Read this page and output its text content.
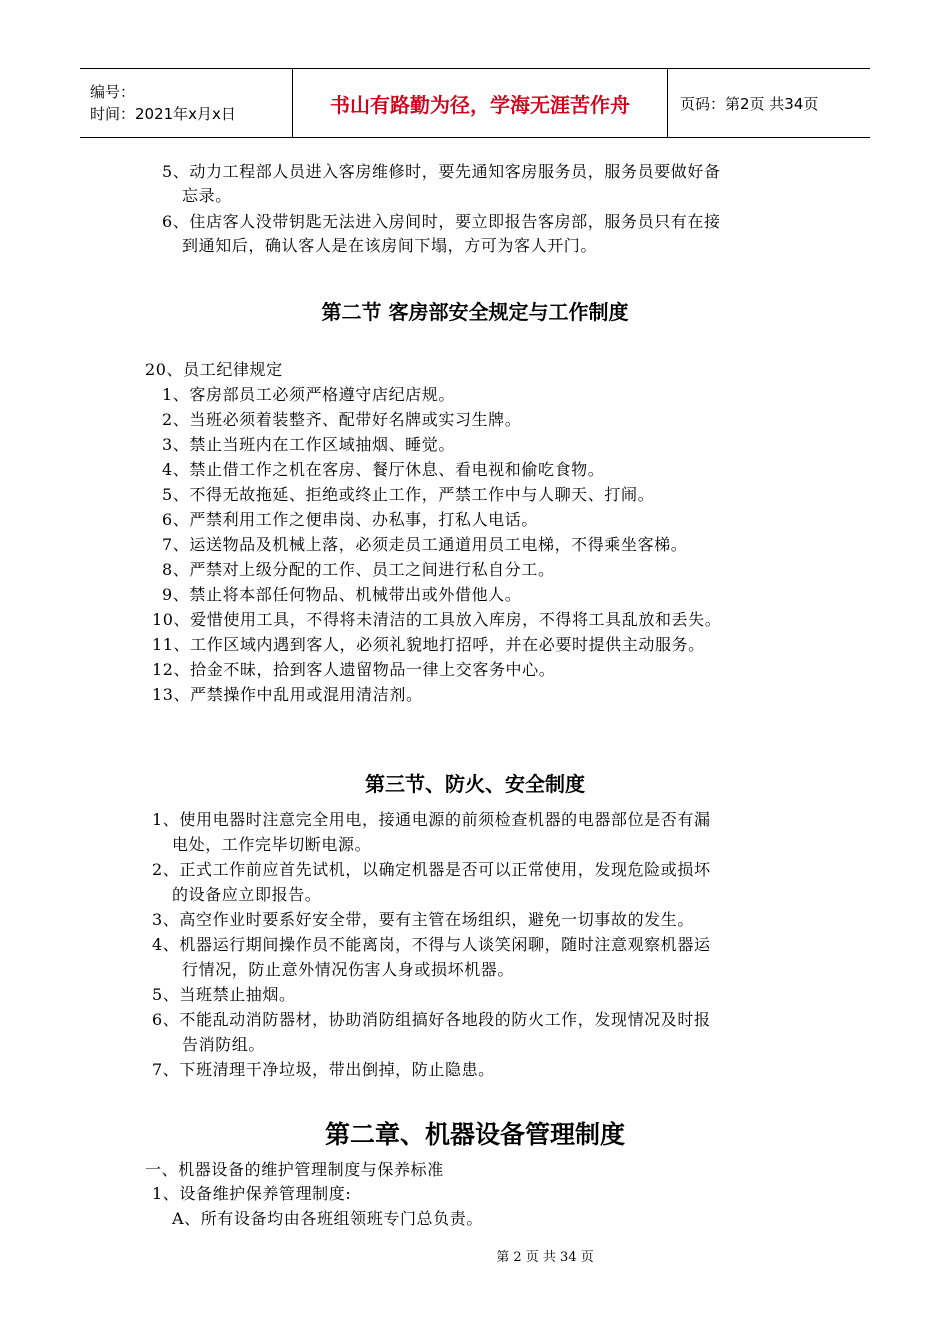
编号：
时间：2021年x月x日	书山有路勤为径，学海无涯苦作舟	页码：第2页 共34页
5、动力工程部人员进入客房维修时，要先通知客房服务员，服务员要做好备
忘录。
6、住店客人没带钥匙无法进入房间时，要立即报告客房部，服务员只有在接
到通知后，确认客人是在该房间下塌，方可为客人开门。
第二节 客房部安全规定与工作制度
20、员工纪律规定
1、客房部员工必须严格遵守店纪店规。
2、当班必须着装整齐、配带好名牌或实习生牌。
3、禁止当班内在工作区域抽烟、睡觉。
4、禁止借工作之机在客房、餐厅休息、看电视和偷吃食物。
5、不得无故拖延、拒绝或终止工作，严禁工作中与人聊天、打闹。
6、严禁利用工作之便串岗、办私事，打私人电话。
7、运送物品及机械上落，必须走员工通道用员工电梯，不得乘坐客梯。
8、严禁对上级分配的工作、员工之间进行私自分工。
9、禁止将本部任何物品、机械带出或外借他人。
10、爱惜使用工具，不得将未清洁的工具放入库房，不得将工具乱放和丢失。
11、工作区域内遇到客人，必须礼貌地打招呼，并在必要时提供主动服务。
12、拾金不昧，拾到客人遗留物品一律上交客务中心。
13、严禁操作中乱用或混用清洁剂。
第三节、防火、安全制度
1、使用电器时注意完全用电，接通电源的前须检查机器的电器部位是否有漏
电处，工作完毕切断电源。
2、正式工作前应首先试机，以确定机器是否可以正常使用，发现危险或损坏
的设备应立即报告。
3、高空作业时要系好安全带，要有主管在场组织，避免一切事故的发生。
4、机器运行期间操作员不能离岗，不得与人谈笑闲聊，随时注意观察机器运
行情况，防止意外情况伤害人身或损坏机器。
5、当班禁止抽烟。
6、不能乱动消防器材，协助消防组搞好各地段的防火工作，发现情况及时报
告消防组。
7、下班清理干净垃圾，带出倒掉，防止隐患。
第二章、机器设备管理制度
一、机器设备的维护管理制度与保养标准
1、设备维护保养管理制度:
A、所有设备均由各班组领班专门总负责。
第 2 页 共 34 页
